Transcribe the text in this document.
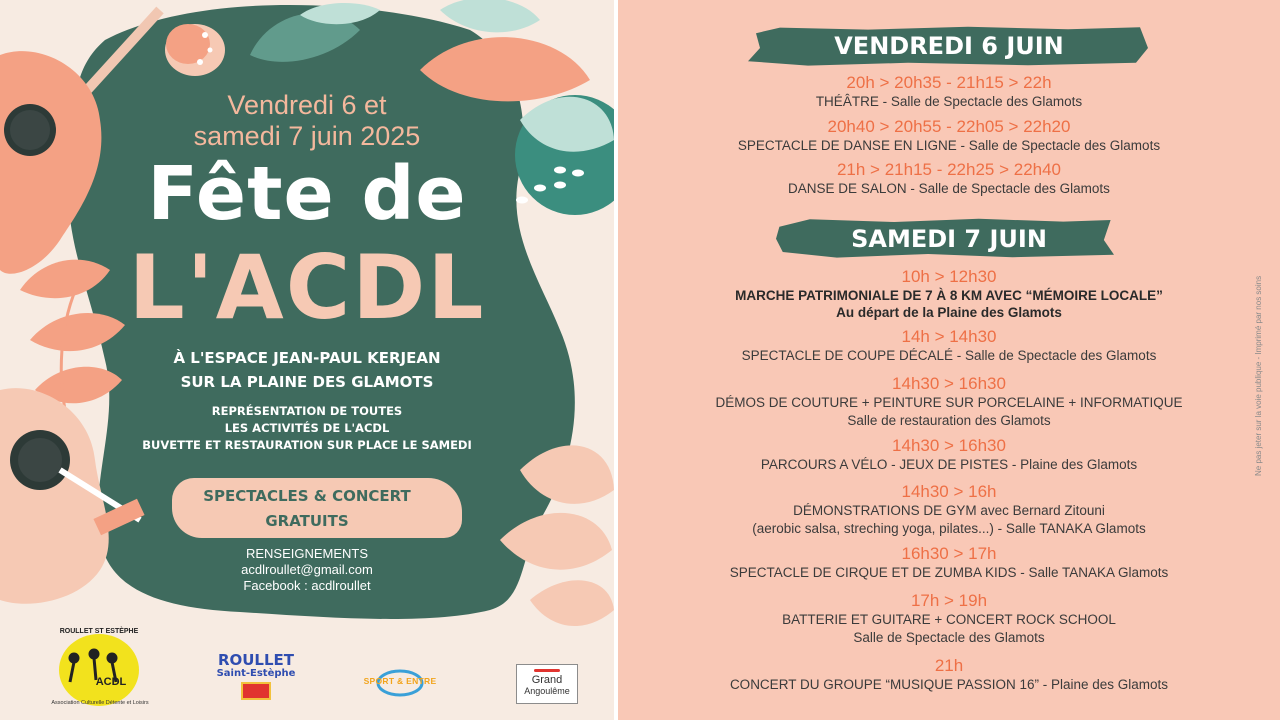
Vendredi 6 et
samedi 7 juin 2025
Fête de
L'ACDL
À L'ESPACE JEAN-PAUL KERJEAN
SUR LA PLAINE DES GLAMOTS
REPRÉSENTATION DE TOUTES
LES ACTIVITÉS DE L'ACDL
BUVETTE ET RESTAURATION SUR PLACE LE SAMEDI
SPECTACLES & CONCERT
GRATUITS
RENSEIGNEMENTS
acdlroullet@gmail.com
Facebook : acdlroullet
ROULLET ST ESTÈPHE
ACDL
Association Culturelle Détente et Loisirs
ROULLET
Saint-Estèphe
SPORT & ENTRE	Grand
Angoulême
VENDREDI 6 JUIN
20h > 20h35 - 21h15 > 22h
THÉÂTRE - Salle de Spectacle des Glamots
20h40 > 20h55 - 22h05 > 22h20
SPECTACLE DE DANSE EN LIGNE - Salle de Spectacle des Glamots
21h > 21h15 - 22h25 > 22h40
DANSE DE SALON - Salle de Spectacle des Glamots
SAMEDI 7 JUIN
10h > 12h30
MARCHE PATRIMONIALE DE 7 À 8 KM AVEC “MÉMOIRE LOCALE”
Au départ de la Plaine des Glamots
14h > 14h30
SPECTACLE DE COUPE DÉCALÉ - Salle de Spectacle des Glamots
14h30 > 16h30
DÉMOS DE COUTURE + PEINTURE SUR PORCELAINE + INFORMATIQUE
Salle de restauration des Glamots
14h30 > 16h30
PARCOURS A VÉLO - JEUX DE PISTES - Plaine des Glamots
14h30 > 16h
DÉMONSTRATIONS DE GYM avec Bernard Zitouni
(aerobic salsa, streching yoga, pilates...) - Salle TANAKA Glamots
16h30 > 17h
SPECTACLE DE CIRQUE ET DE ZUMBA KIDS - Salle TANAKA Glamots
17h > 19h
BATTERIE ET GUITARE + CONCERT ROCK SCHOOL
Salle de Spectacle des Glamots
21h
CONCERT DU GROUPE “MUSIQUE PASSION 16” - Plaine des Glamots
Ne pas jeter sur la voie publique - Imprimé par nos soins
